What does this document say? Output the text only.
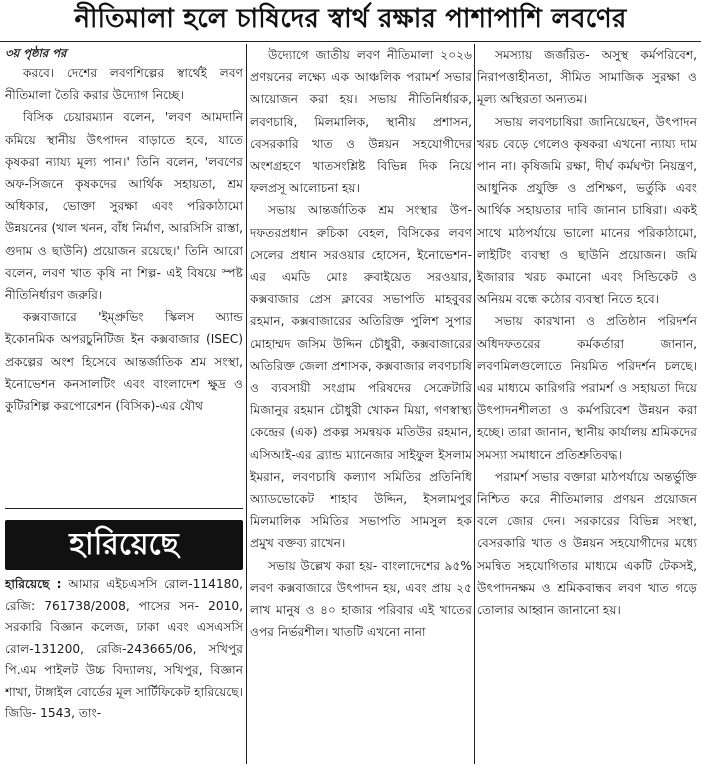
নীতিমালা হলে চাষিদের স্বার্থ রক্ষার পাশাপাশি লবণের

৩য় পৃষ্ঠার পর

করবে। দেশের লবণশিল্পের স্বার্থেই লবণ নীতিমালা তৈরি করার উদ্যোগ নিচ্ছে।

বিসিক চেয়ারম্যান বলেন, 'লবণ আমদানি কমিয়ে স্থানীয় উৎপাদন বাড়াতে হবে, যাতে কৃষকরা ন্যায্য মূল্য পান।' তিনি বলেন, 'লবণের অফ-সিজনে কৃষকদের আর্থিক সহায়তা, শ্রম অধিকার, ভোক্তা সুরক্ষা এবং পরিকাঠামো উন্নয়নের (খাল খনন, বাঁধ নির্মাণ, আরসিসি রাস্তা, গুদাম ও ছাউনি) প্রয়োজন রয়েছে।' তিনি আরো বলেন, লবণ খাত কৃষি না শিল্প- এই বিষয়ে স্পষ্ট নীতিনির্ধারণ জরুরি।

কক্সবাজারে 'ইম্প্রুভিং স্কিলস অ্যান্ড ইকোনমিক অপরচুনিটিজ ইন কক্সবাজার (ISEC) প্রকল্পের অংশ হিসেবে আন্তর্জাতিক শ্রম সংস্থা, ইনোভেশন কনসালটিং এবং বাংলাদেশ ক্ষুদ্র ও কুটিরশিল্প করপোরেশন (বিসিক)-এর যৌথ

হারিয়েছে
হারিয়েছে : আমার এইচএসসি রোল-114180, রেজি: 761738/2008, পাসের সন- 2010, সরকারি বিজ্ঞান কলেজ, ঢাকা এবং এসএসসি রোল-131200, রেজি-243665/06, সখিপুর পি.এম পাইলট উচ্চ বিদ্যালয়, সখিপুর, বিজ্ঞান শাখা, টাঙ্গাইল বোর্ডের মূল সার্টিফিকেট হারিয়েছে। জিডি- 1543, তাং-

উদ্যোগে জাতীয় লবণ নীতিমালা ২০২৬ প্রণয়নের লক্ষ্যে এক আঞ্চলিক পরামর্শ সভার আয়োজন করা হয়। সভায় নীতিনির্ধারক, লবণচাষি, মিলমালিক, স্থানীয় প্রশাসন, বেসরকারি খাত ও উন্নয়ন সহযোগীদের অংশগ্রহণে খাতসংশ্লিষ্ট বিভিন্ন দিক নিয়ে ফলপ্রসূ আলোচনা হয়।

সভায় আন্তর্জাতিক শ্রম সংস্থার উপ-দফতরপ্রধান রুচিকা বেহল, বিসিকের লবণ সেলের প্রধান সরওয়ার হোসেন, ইনোভেশন-এর এমডি মোঃ রুবাইয়েত সরওয়ার, কক্সবাজার প্রেস ক্লাবের সভাপতি মাহবুবর রহমান, কক্সবাজারের অতিরিক্ত পুলিশ সুপার মোহাম্মদ জসিম উদ্দিন চৌধুরী, কক্সবাজারের অতিরিক্ত জেলা প্রশাসক, কক্সবাজার লবণচাষি ও ব্যবসায়ী সংগ্রাম পরিষদের সেক্রেটারি মিজানুর রহমান চৌধুরী খোকন মিয়া, গণস্বাস্থ্য কেন্দ্রের (এক) প্রকল্প সমন্বয়ক মতিউর রহমান, এসিআই-এর ব্র্যান্ড ম্যানেজার সাইফুল ইসলাম ইমরান, লবণচাষি কল্যাণ সমিতির প্রতিনিধি অ্যাডভোকেট শাহাব উদ্দিন, ইসলামপুর মিলমালিক সমিতির সভাপতি সামসুল হক প্রমুখ বক্তব্য রাখেন।

সভায় উল্লেখ করা হয়- বাংলাদেশের ৯৫% লবণ কক্সবাজারে উৎপাদন হয়, এবং প্রায় ২৫ লাখ মানুষ ও ৪০ হাজার পরিবার এই খাতের ওপর নির্ভরশীল। খাতটি এখনো নানা

সমস্যায় জর্জরিত- অসুস্থ কর্মপরিবেশ, নিরাপত্তাহীনতা, সীমিত সামাজিক সুরক্ষা ও মূল্য অস্থিরতা অন্যতম।

সভায় লবণচাষিরা জানিয়েছেন, উৎপাদন খরচ বেড়ে গেলেও কৃষকরা এখনো ন্যায্য দাম পান না। কৃষিজমি রক্ষা, দীর্ঘ কর্মঘণ্টা নিয়ন্ত্রণ, আধুনিক প্রযুক্তি ও প্রশিক্ষণ, ভর্তুকি এবং আর্থিক সহায়তার দাবি জানান চাষিরা। একই সাথে মাঠপর্যায়ে ভালো মানের পরিকাঠামো, লাইটিং ব্যবস্থা ও ছাউনি প্রয়োজন। জমি ইজারার খরচ কমানো এবং সিন্ডিকেট ও অনিয়ম বন্ধে কঠোর ব্যবস্থা নিতে হবে।

সভায় কারখানা ও প্রতিষ্ঠান পরিদর্শন অধিদফতরের কর্মকর্তারা জানান, লবণমিলগুলোতে নিয়মিত পরিদর্শন চলছে। এর মাধ্যমে কারিগরি পরামর্শ ও সহায়তা দিয়ে উৎপাদনশীলতা ও কর্মপরিবেশ উন্নয়ন করা হচ্ছে। তারা জানান, স্থানীয় কার্যালয় শ্রমিকদের সমস্যা সমাধানে প্রতিশ্রুতিবদ্ধ।

পরামর্শ সভার বক্তারা মাঠপর্যায়ে অন্তর্ভুক্তি নিশ্চিত করে নীতিমালার প্রণয়ন প্রয়োজন বলে জোর দেন। সরকারের বিভিন্ন সংস্থা, বেসরকারি খাত ও উন্নয়ন সহযোগীদের মধ্যে সমন্বিত সহযোগিতার মাধ্যমে একটি টেকসই, উৎপাদনক্ষম ও শ্রমিকবান্ধব লবণ খাত গড়ে তোলার আহ্বান জানানো হয়।
